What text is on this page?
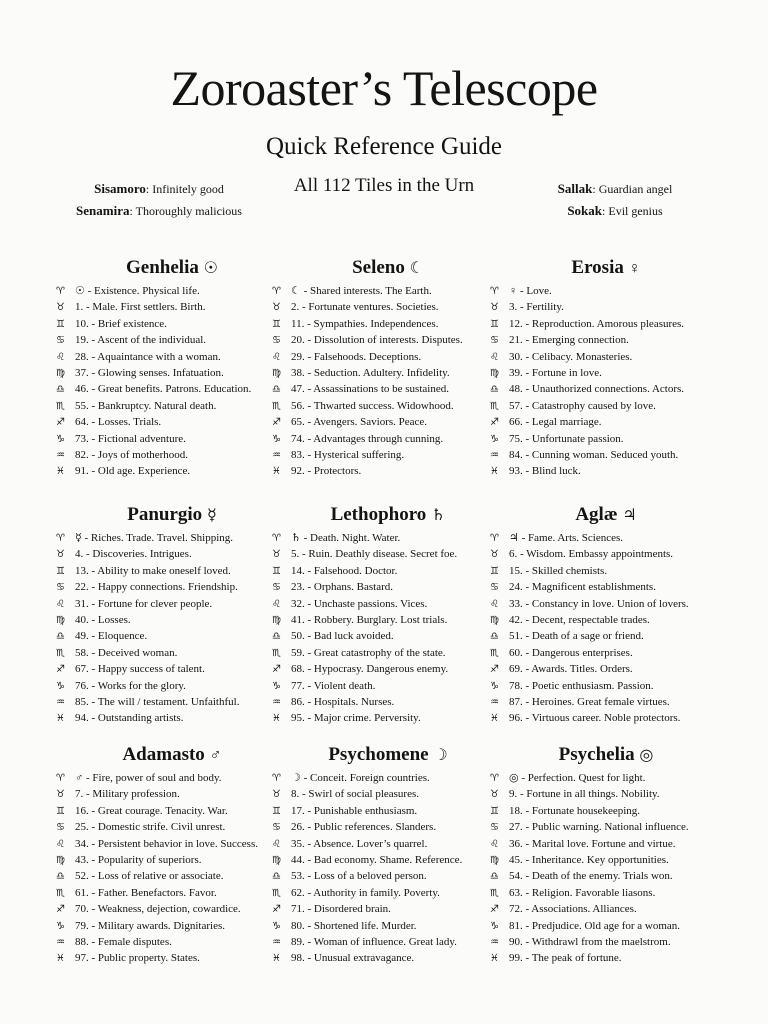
Zoroaster’s Telescope
Quick Reference Guide
All 112 Tiles in the Urn
Sisamoro: Infinitely good
Senamira: Thoroughly malicious
Sallak: Guardian angel
Sokak: Evil genius
Genhelia ☉
♈ ☉ - Existence. Physical life.
♉ 1. - Male. First settlers. Birth.
♊ 10. - Brief existence.
♋ 19. - Ascent of the individual.
♌ 28. - Aquaintance with a woman.
♍ 37. - Glowing senses. Infatuation.
♎ 46. - Great benefits. Patrons. Education.
♏ 55. - Bankruptcy. Natural death.
♐ 64. - Losses. Trials.
♑ 73. - Fictional adventure.
♒ 82. - Joys of motherhood.
♓ 91. - Old age. Experience.
Seleno ☾
♈ ☾ - Shared interests. The Earth.
♉ 2. - Fortunate ventures. Societies.
♊ 11. - Sympathies. Independences.
♋ 20. - Dissolution of interests. Disputes.
♌ 29. - Falsehoods. Deceptions.
♍ 38. - Seduction. Adultery. Infidelity.
♎ 47. - Assassinations to be sustained.
♏ 56. - Thwarted success. Widowhood.
♐ 65. - Avengers. Saviors. Peace.
♑ 74. - Advantages through cunning.
♒ 83. - Hysterical suffering.
♓ 92. - Protectors.
Erosia ♀
♈ ♀ - Love.
♉ 3. - Fertility.
♊ 12. - Reproduction. Amorous pleasures.
♋ 21. - Emerging connection.
♌ 30. - Celibacy. Monasteries.
♍ 39. - Fortune in love.
♎ 48. - Unauthorized connections. Actors.
♏ 57. - Catastrophy caused by love.
♐ 66. - Legal marriage.
♑ 75. - Unfortunate passion.
♒ 84. - Cunning woman. Seduced youth.
♓ 93. - Blind luck.
Panurgio ☿
♈ ☿ - Riches. Trade. Travel. Shipping.
♉ 4. - Discoveries. Intrigues.
♊ 13. - Ability to make oneself loved.
♋ 22. - Happy connections. Friendship.
♌ 31. - Fortune for clever people.
♍ 40. - Losses.
♎ 49. - Eloquence.
♏ 58. - Deceived woman.
♐ 67. - Happy success of talent.
♑ 76. - Works for the glory.
♒ 85. - The will / testament. Unfaithful.
♓ 94. - Outstanding artists.
Lethophoro ♄
♈ ♄ - Death. Night. Water.
♉ 5. - Ruin. Deathly disease. Secret foe.
♊ 14. - Falsehood. Doctor.
♋ 23. - Orphans. Bastard.
♌ 32. - Unchaste passions. Vices.
♍ 41. - Robbery. Burglary. Lost trials.
♎ 50. - Bad luck avoided.
♏ 59. - Great catastrophy of the state.
♐ 68. - Hypocrasy. Dangerous enemy.
♑ 77. - Violent death.
♒ 86. - Hospitals. Nurses.
♓ 95. - Major crime. Perversity.
Aglæ ♃
♈ ♃ - Fame. Arts. Sciences.
♉ 6. - Wisdom. Embassy appointments.
♊ 15. - Skilled chemists.
♋ 24. - Magnificent establishments.
♌ 33. - Constancy in love. Union of lovers.
♍ 42. - Decent, respectable trades.
♎ 51. - Death of a sage or friend.
♏ 60. - Dangerous enterprises.
♐ 69. - Awards. Titles. Orders.
♑ 78. - Poetic enthusiasm. Passion.
♒ 87. - Heroines. Great female virtues.
♓ 96. - Virtuous career. Noble protectors.
Adamasto ♂
♈ ♂ - Fire, power of soul and body.
♉ 7. - Military profession.
♊ 16. - Great courage. Tenacity. War.
♋ 25. - Domestic strife. Civil unrest.
♌ 34. - Persistent behavior in love. Success.
♍ 43. - Popularity of superiors.
♎ 52. - Loss of relative or associate.
♏ 61. - Father. Benefactors. Favor.
♐ 70. - Weakness, dejection, cowardice.
♑ 79. - Military awards. Dignitaries.
♒ 88. - Female disputes.
♓ 97. - Public property. States.
Psychomene ☽
♈ ☽ - Conceit. Foreign countries.
♉ 8. - Swirl of social pleasures.
♊ 17. - Punishable enthusiasm.
♋ 26. - Public references. Slanders.
♌ 35. - Absence. Lover’s quarrel.
♍ 44. - Bad economy. Shame. Reference.
♎ 53. - Loss of a beloved person.
♏ 62. - Authority in family. Poverty.
♐ 71. - Disordered brain.
♑ 80. - Shortened life. Murder.
♒ 89. - Woman of influence. Great lady.
♓ 98. - Unusual extravagance.
Psychelia ◎
♈ ◎ - Perfection. Quest for light.
♉ 9. - Fortune in all things. Nobility.
♊ 18. - Fortunate housekeeping.
♋ 27. - Public warning. National influence.
♌ 36. - Marital love. Fortune and virtue.
♍ 45. - Inheritance. Key opportunities.
♎ 54. - Death of the enemy. Trials won.
♏ 63. - Religion. Favorable liasons.
♐ 72. - Associations. Alliances.
♑ 81. - Predjudice. Old age for a woman.
♒ 90. - Withdrawl from the maelstrom.
♓ 99. - The peak of fortune.
